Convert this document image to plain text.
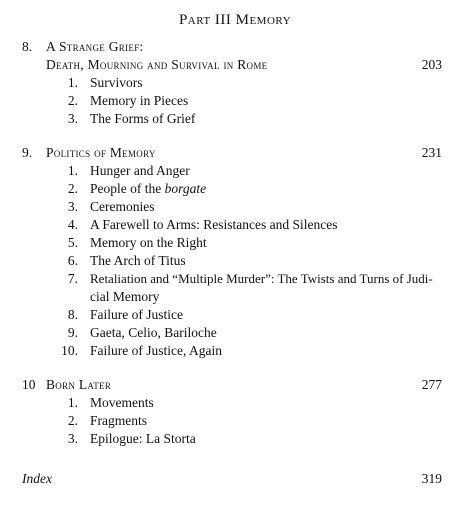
Part III Memory
8. A Strange Grief:
Death, Mourning and Survival in Rome	203
1. Survivors
2. Memory in Pieces
3. The Forms of Grief
9. Politics of Memory	231
1. Hunger and Anger
2. People of the borgate
3. Ceremonies
4. A Farewell to Arms: Resistances and Silences
5. Memory on the Right
6. The Arch of Titus
7. Retaliation and “Multiple Murder”: The Twists and Turns of Judi-
cial Memory
8. Failure of Justice
9. Gaeta, Celio, Bariloche
10. Failure of Justice, Again
10 Born Later	277
1. Movements
2. Fragments
3. Epilogue: La Storta
Index	319
